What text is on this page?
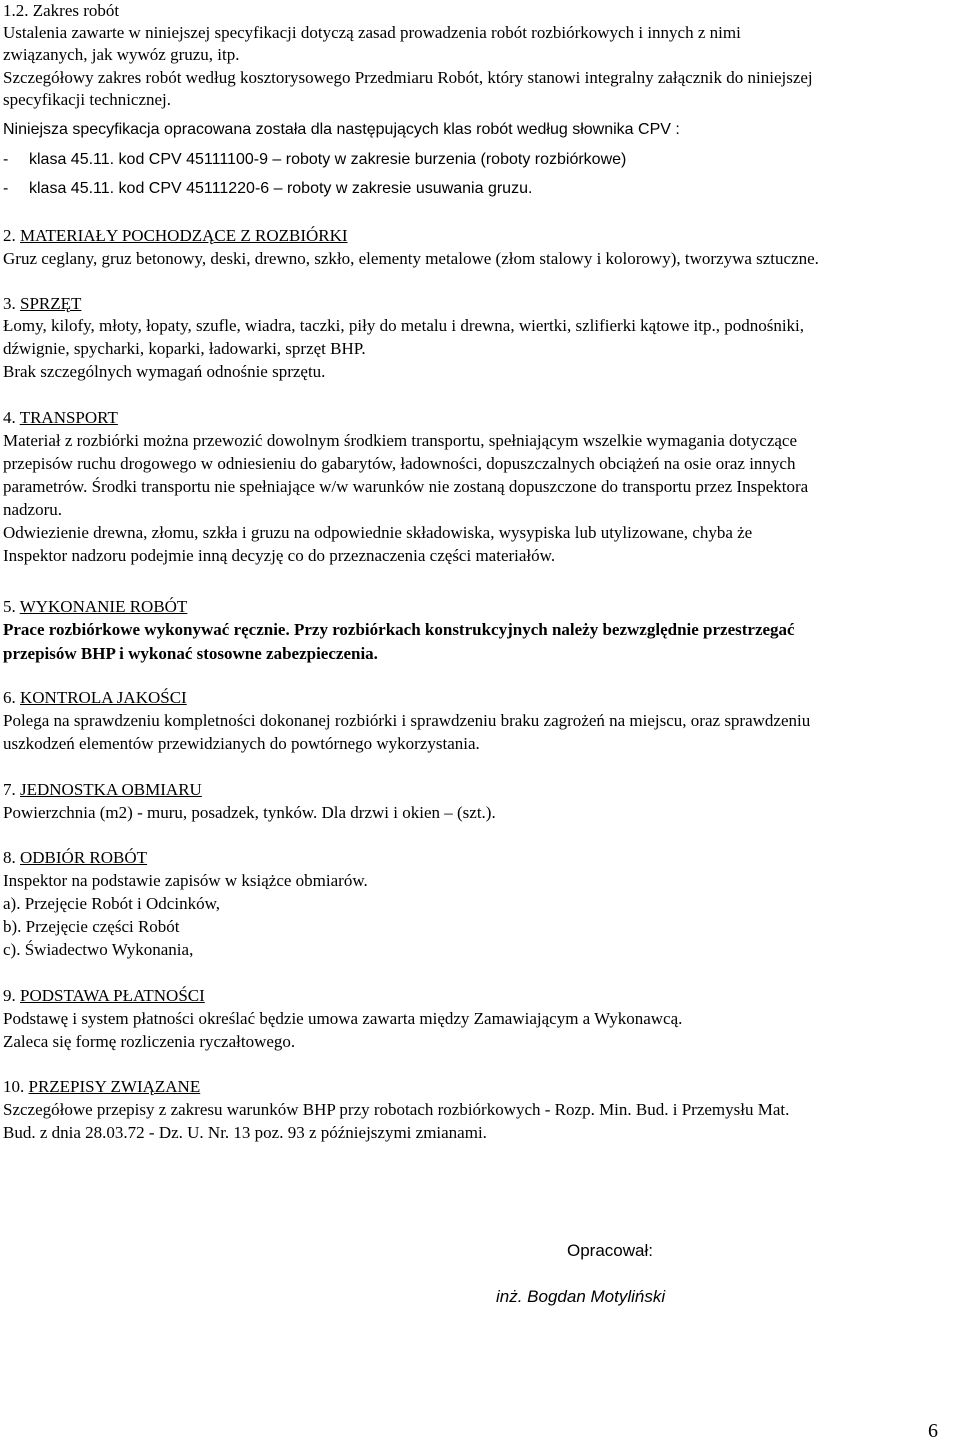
1.2. Zakres robót
Ustalenia zawarte w niniejszej specyfikacji dotyczą zasad prowadzenia robót rozbiórkowych i innych z nimi
związanych, jak wywóz gruzu, itp.
Szczegółowy zakres robót według kosztorysowego Przedmiaru Robót, który stanowi integralny załącznik do niniejszej
specyfikacji technicznej.
Niniejsza specyfikacja opracowana została dla następujących klas robót według słownika CPV :
- klasa 45.11. kod CPV 45111100-9 – roboty w zakresie burzenia (roboty rozbiórkowe)
- klasa 45.11. kod CPV 45111220-6 – roboty w zakresie usuwania gruzu.
2. MATERIAŁY POCHODZĄCE Z ROZBIÓRKI
Gruz ceglany, gruz betonowy, deski, drewno, szkło, elementy metalowe (złom stalowy i kolorowy), tworzywa sztuczne.
3. SPRZĘT
Łomy, kilofy, młoty, łopaty, szufle, wiadra, taczki, piły do metalu i drewna, wiertki, szlifierki kątowe itp., podnośniki,
dźwignie, spycharki, koparki, ładowarki, sprzęt BHP.
Brak szczególnych wymagań odnośnie sprzętu.
4. TRANSPORT
Materiał z rozbiórki można przewozić dowolnym środkiem transportu, spełniającym wszelkie wymagania dotyczące
przepisów ruchu drogowego w odniesieniu do gabarytów, ładowności, dopuszczalnych obciążeń na osie oraz innych
parametrów. Środki transportu nie spełniające w/w warunków nie zostaną dopuszczone do transportu przez Inspektora
nadzoru.
Odwiezienie drewna, złomu, szkła i gruzu na odpowiednie składowiska, wysypiska lub utylizowane, chyba że
Inspektor nadzoru podejmie inną decyzję co do przeznaczenia części materiałów.
5. WYKONANIE ROBÓT
Prace rozbiórkowe wykonywać ręcznie. Przy rozbiórkach konstrukcyjnych należy bezwzględnie przestrzegać
przepisów BHP i wykonać stosowne zabezpieczenia.
6. KONTROLA JAKOŚCI
Polega na sprawdzeniu kompletności dokonanej rozbiórki i sprawdzeniu braku zagrożeń na miejscu, oraz sprawdzeniu
uszkodzeń elementów przewidzianych do powtórnego wykorzystania.
7. JEDNOSTKA OBMIARU
Powierzchnia (m2) - muru, posadzek, tynków. Dla drzwi i okien – (szt.).
8. ODBIÓR ROBÓT
Inspektor na podstawie zapisów w książce obmiarów.
a). Przejęcie Robót i Odcinków,
b). Przejęcie części Robót
c). Świadectwo Wykonania,
9. PODSTAWA PŁATNOŚCI
Podstawę i system płatności określać będzie umowa zawarta między Zamawiającym a Wykonawcą.
Zaleca się formę rozliczenia ryczałtowego.
10. PRZEPISY ZWIĄZANE
Szczegółowe przepisy z zakresu warunków BHP przy robotach rozbiórkowych - Rozp. Min. Bud. i Przemysłu Mat.
Bud. z dnia 28.03.72 - Dz. U. Nr. 13 poz. 93 z późniejszymi zmianami.
Opracował:
inż. Bogdan Motyliński
6
